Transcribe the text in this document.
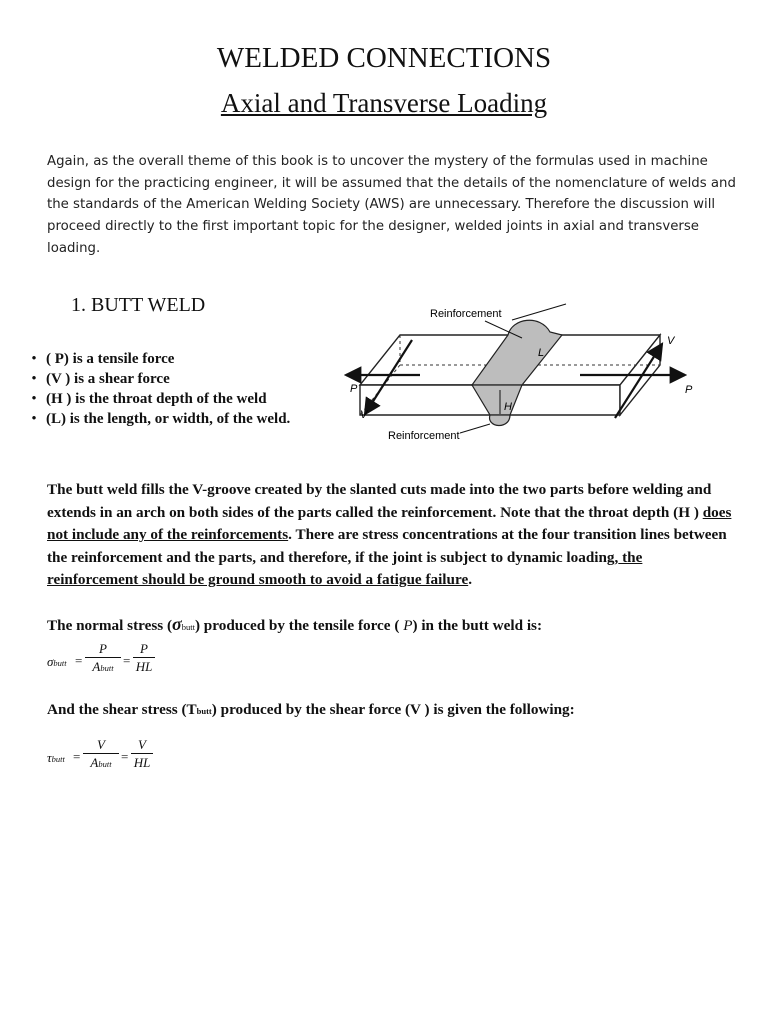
WELDED CONNECTIONS
Axial and Transverse Loading

Again, as the overall theme of this book is to uncover the mystery of the formulas used in machine design for the practicing engineer, it will be assumed that the details of the nomenclature of welds and the standards of the American Welding Society (AWS) are unnecessary. Therefore the discussion will proceed directly to the first important topic for the designer, welded joints in axial and transverse loading.

1. BUTT WELD
• ( P) is a tensile force
• (V ) is a shear force
• (H ) is the throat depth of the weld
• (L) is the length, or width, of the weld.
Reinforcement
Reinforcement
P	P
V
V
L
H

The butt weld fills the V-groove created by the slanted cuts made into the two parts before welding and extends in an arch on both sides of the parts called the reinforcement. Note that the throat depth (H ) does not include any of the reinforcements. There are stress concentrations at the four transition lines between the reinforcement and the parts, and therefore, if the joint is subject to dynamic loading, the reinforcement should be ground smooth to avoid a fatigue failure.

The normal stress (σbutt) produced by the tensile force ( P) in the butt weld is:

σbutt =
P
Abutt =
P
HL

And the shear stress (Tbutt) produced by the shear force (V ) is given the following:

τbutt =
V
Abutt =
V
HL
